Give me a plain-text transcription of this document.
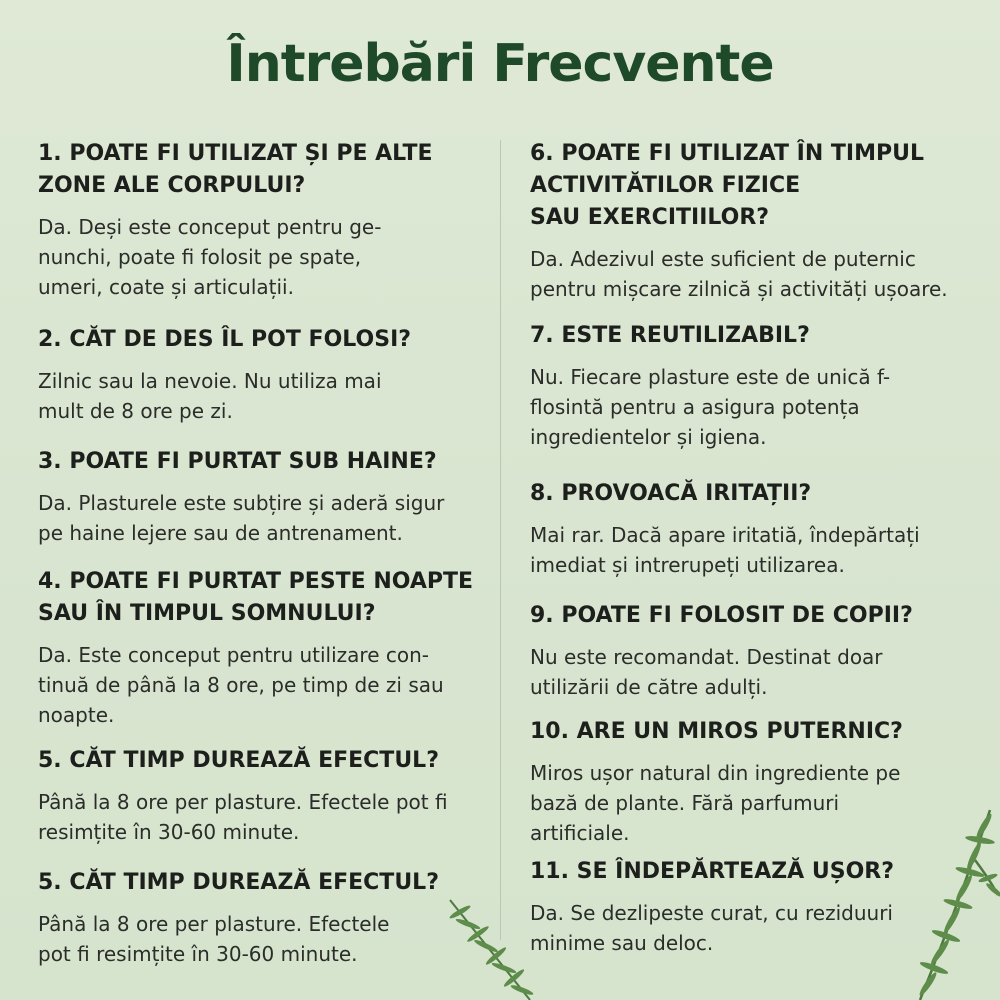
Întrebări Frecvente
1. POATE FI UTILIZAT ȘI PE ALTE
ZONE ALE CORPULUI?
Da. Deși este conceput pentru ge-
nunchi, poate fi folosit pe spate,
umeri, coate și articulații.
2. CĂT DE DES ÎL POT FOLOSI?
Zilnic sau la nevoie. Nu utiliza mai
mult de 8 ore pe zi.
3. POATE FI PURTAT SUB HAINE?
Da. Plasturele este subțire și aderă sigur
pe haine lejere sau de antrenament.
4. POATE FI PURTAT PESTE NOAPTE
SAU ÎN TIMPUL SOMNULUI?
Da. Este conceput pentru utilizare con-
tinuă de până la 8 ore, pe timp de zi sau
noapte.
5. CĂT TIMP DUREAZĂ EFECTUL?
Până la 8 ore per plasture. Efectele pot fi
resimțite în 30-60 minute.
5. CĂT TIMP DUREAZĂ EFECTUL?
Până la 8 ore per plasture. Efectele
pot fi resimțite în 30-60 minute.
6. POATE FI UTILIZAT ÎN TIMPUL
ACTIVITĂTILOR FIZICE
SAU EXERCITIILOR?
Da. Adezivul este suficient de puternic
pentru mișcare zilnică și activități ușoare.
7. ESTE REUTILIZABIL?
Nu. Fiecare plasture este de unică f-
flosintă pentru a asigura potența
ingredientelor și igiena.
8. PROVOACĂ IRITAȚII?
Mai rar. Dacă apare iritatiă, îndepărtați
imediat și intrerupeți utilizarea.
9. POATE FI FOLOSIT DE COPII?
Nu este recomandat. Destinat doar
utilizării de către adulți.
10. ARE UN MIROS PUTERNIC?
Miros ușor natural din ingrediente pe
bază de plante. Fără parfumuri
artificiale.
11. SE ÎNDEPĂRTEAZĂ UȘOR?
Da. Se dezlipeste curat, cu reziduuri
minime sau deloc.
